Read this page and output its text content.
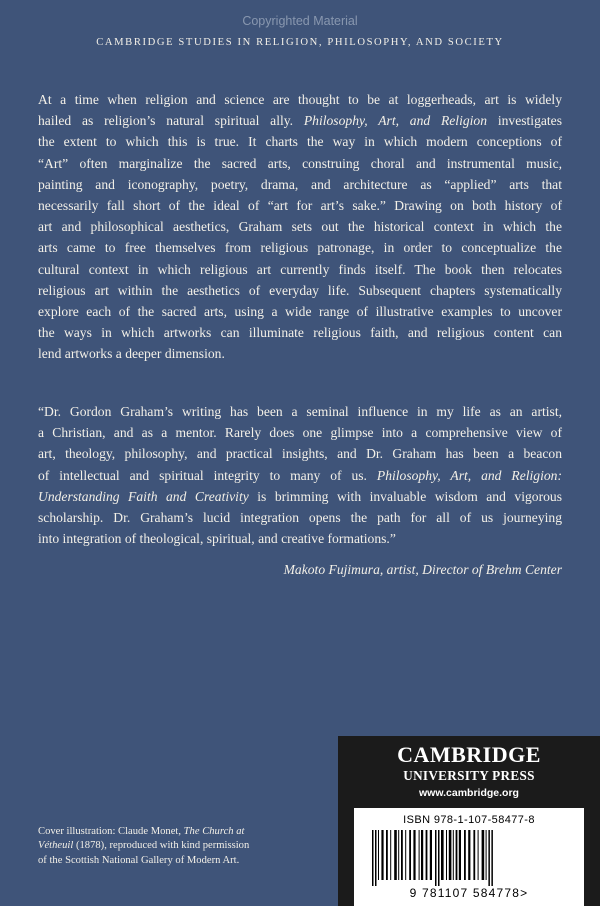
Copyrighted Material
CAMBRIDGE STUDIES IN RELIGION, PHILOSOPHY, AND SOCIETY
At a time when religion and science are thought to be at loggerheads, art is widely
hailed as religion’s natural spiritual ally. Philosophy, Art, and Religion investigates
the extent to which this is true. It charts the way in which modern conceptions of
“Art” often marginalize the sacred arts, construing choral and instrumental music,
painting and iconography, poetry, drama, and architecture as “applied” arts that
necessarily fall short of the ideal of “art for art’s sake.” Drawing on both history of
art and philosophical aesthetics, Graham sets out the historical context in which the
arts came to free themselves from religious patronage, in order to conceptualize the
cultural context in which religious art currently finds itself. The book then relocates
religious art within the aesthetics of everyday life. Subsequent chapters systematically
explore each of the sacred arts, using a wide range of illustrative examples to uncover
the ways in which artworks can illuminate religious faith, and religious content can
lend artworks a deeper dimension.
“Dr. Gordon Graham’s writing has been a seminal influence in my life as an artist,
a Christian, and as a mentor. Rarely does one glimpse into a comprehensive view of
art, theology, philosophy, and practical insights, and Dr. Graham has been a beacon
of intellectual and spiritual integrity to many of us. Philosophy, Art, and Religion:
Understanding Faith and Creativity is brimming with invaluable wisdom and vigorous
scholarship. Dr. Graham’s lucid integration opens the path for all of us journeying
into integration of theological, spiritual, and creative formations.”
Makoto Fujimura, artist, Director of Brehm Center
CAMBRIDGE
UNIVERSITY PRESS
www.cambridge.org
ISBN 978-1-107-58477-8
9 781107 584778>
Cover illustration: Claude Monet, The Church at
Vétheuil (1878), reproduced with kind permission
of the Scottish National Gallery of Modern Art.
